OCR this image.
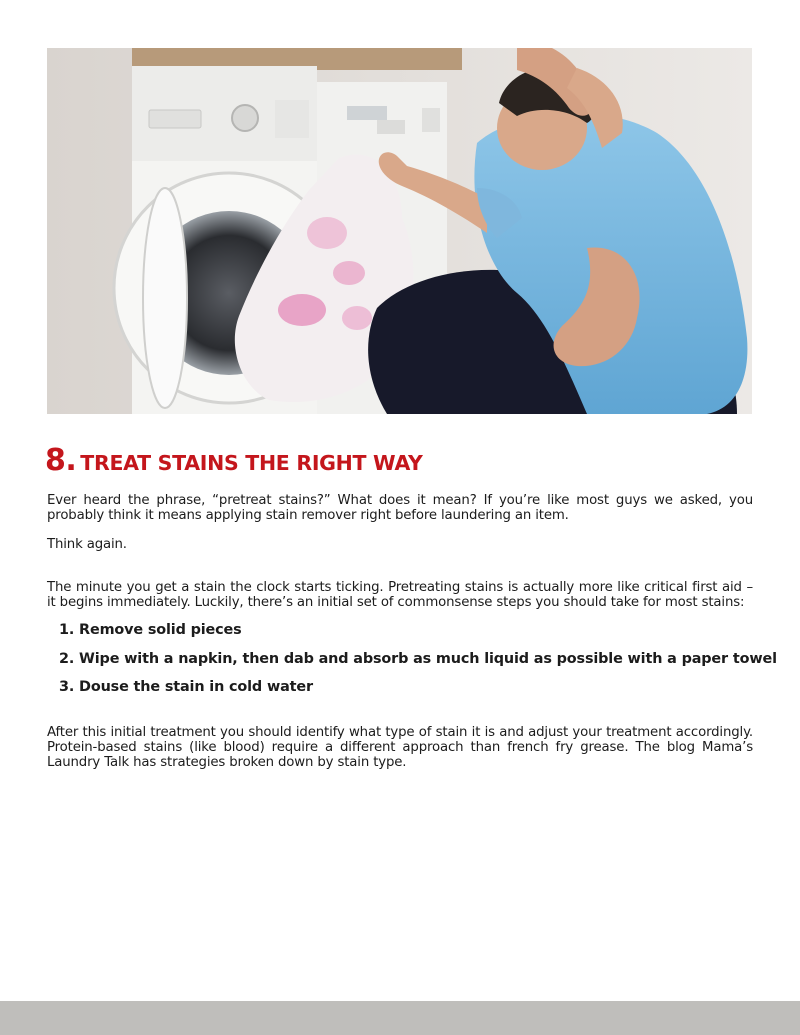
8. TREAT STAINS THE RIGHT WAY

Ever heard the phrase, “pretreat stains?” What does it mean? If you’re like most guys we asked, you probably think it means applying stain remover right before laundering an item.

Think again.

The minute you get a stain the clock starts ticking. Pretreating stains is actually more like critical first aid – it begins immediately. Luckily, there’s an initial set of commonsense steps you should take for most stains:

1. Remove solid pieces
2. Wipe with a napkin, then dab and absorb as much liquid as possible with a paper towel
3. Douse the stain in cold water

After this initial treatment you should identify what type of stain it is and adjust your treatment accordingly. Protein-based stains (like blood) require a different approach than french fry grease. The blog Mama’s Laundry Talk has strategies broken down by stain type.
